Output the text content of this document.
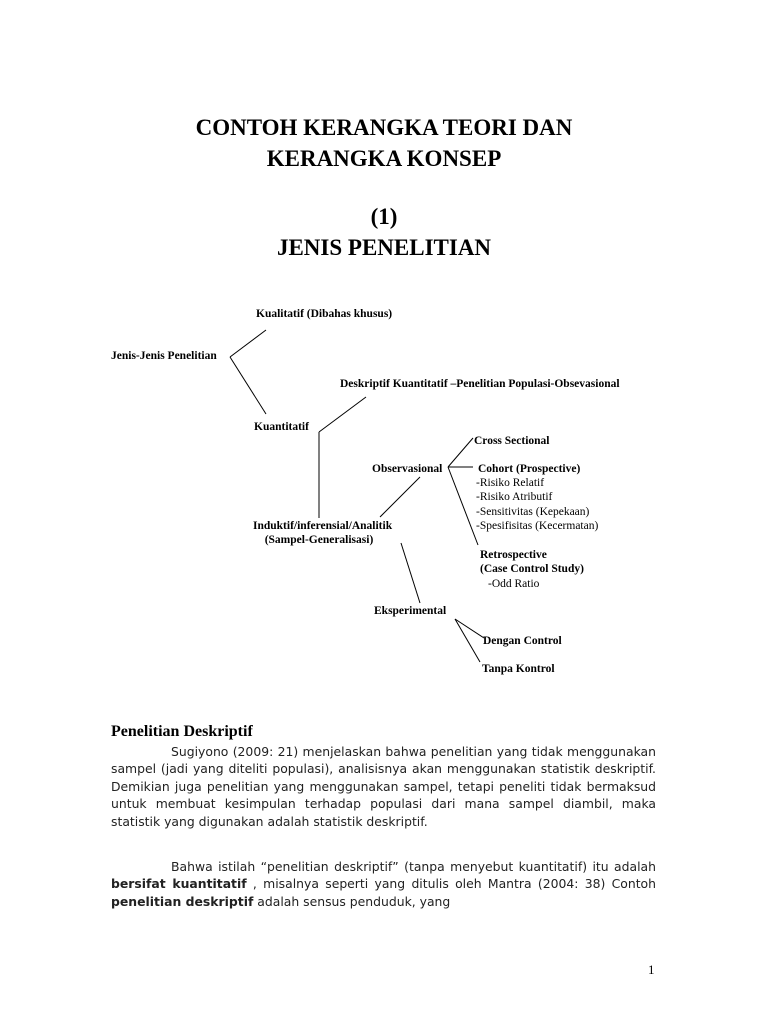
CONTOH KERANGKA TEORI DAN
KERANGKA KONSEP
(1)
JENIS PENELITIAN
Kualitatif (Dibahas khusus)
Jenis-Jenis Penelitian
Deskriptif Kuantitatif –Penelitian Populasi-Obsevasional
Kuantitatif
Cross Sectional
Observasional	Cohort (Prospective)
-Risiko Relatif
-Risiko Atributif
-Sensitivitas (Kepekaan)
-Spesifisitas (Kecermatan)
Induktif/inferensial/Analitik
(Sampel-Generalisasi)
Retrospective
(Case Control Study)
-Odd Ratio
Eksperimental
Dengan Control
Tanpa Kontrol
Penelitian Deskriptif

Sugiyono (2009: 21) menjelaskan bahwa penelitian yang tidak menggunakan sampel (jadi yang diteliti populasi), analisisnya akan menggunakan statistik deskriptif. Demikian juga penelitian yang menggunakan sampel, tetapi peneliti tidak bermaksud untuk membuat kesimpulan terhadap populasi dari mana sampel diambil, maka statistik yang digunakan adalah statistik deskriptif.

Bahwa istilah “penelitian deskriptif” (tanpa menyebut kuantitatif) itu adalah bersifat kuantitatif , misalnya seperti yang ditulis oleh Mantra (2004: 38) Contoh penelitian deskriptif adalah sensus penduduk, yang

1
